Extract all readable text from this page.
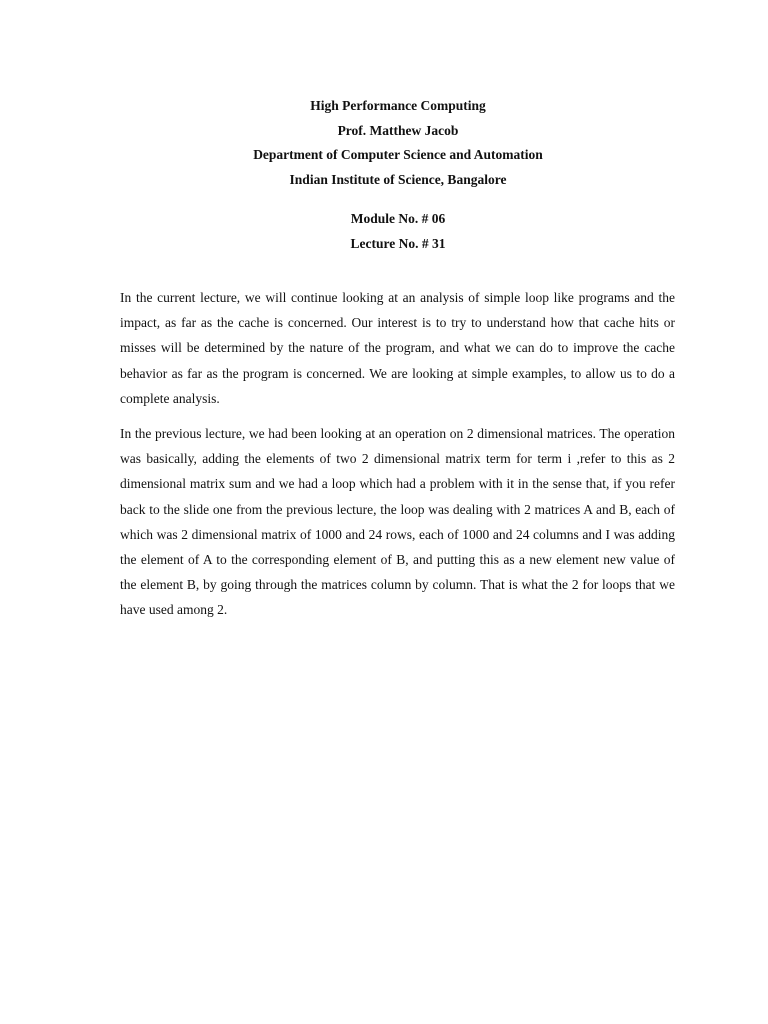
High Performance Computing
Prof. Matthew Jacob
Department of Computer Science and Automation
Indian Institute of Science, Bangalore
Module No. # 06
Lecture No. # 31

In the current lecture, we will continue looking at an analysis of simple loop like programs and the impact, as far as the cache is concerned. Our interest is to try to understand how that cache hits or misses will be determined by the nature of the program, and what we can do to improve the cache behavior as far as the program is concerned. We are looking at simple examples, to allow us to do a complete analysis.

In the previous lecture, we had been looking at an operation on 2 dimensional matrices. The operation was basically, adding the elements of two 2 dimensional matrix term for term i ,refer to this as 2 dimensional matrix sum and we had a loop which had a problem with it in the sense that, if you refer back to the slide one from the previous lecture, the loop was dealing with 2 matrices A and B, each of which was 2 dimensional matrix of 1000 and 24 rows, each of 1000 and 24 columns and I was adding the element of A to the corresponding element of B, and putting this as a new element new value of the element B, by going through the matrices column by column. That is what the 2 for loops that we have used among 2.
